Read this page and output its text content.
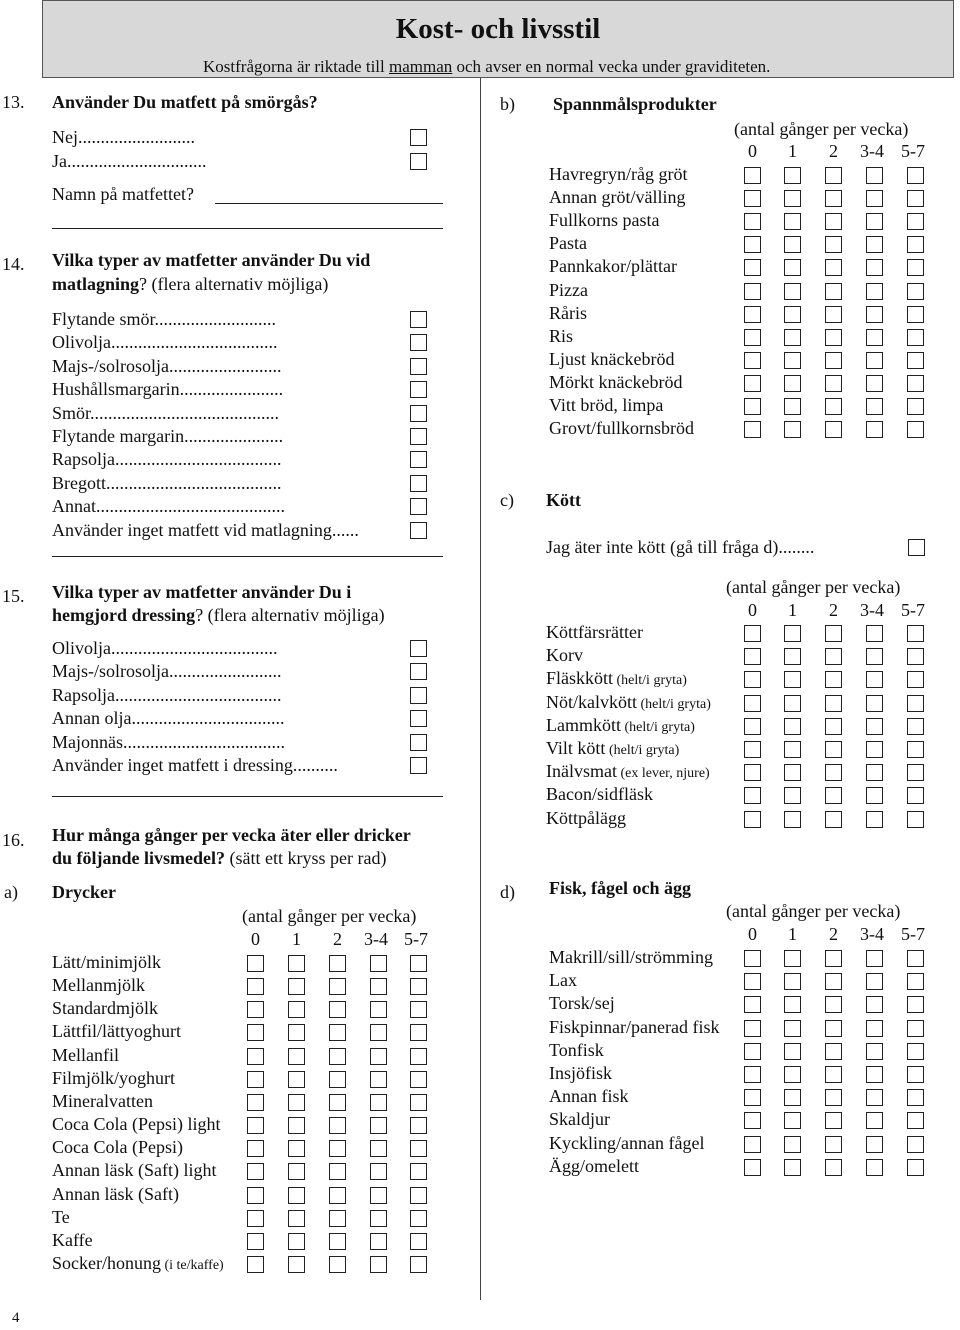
Kost- och livsstil
Kostfrågorna är riktade till mamman och avser en normal vecka under graviditeten.
13. Använder Du matfett på smörgås?
Nej..........................
Ja...............................
Namn på matfettet?
14. Vilka typer av matfetter använder Du vid
matlagning? (flera alternativ möjliga)
15. Vilka typer av matfetter använder Du i
hemgjord dressing? (flera alternativ möjliga)
16. Hur många gånger per vecka äter eller dricker
du följande livsmedel? (sätt ett kryss per rad)
a) Drycker
b) Spannmålsprodukter
c) Kött
Jag äter inte kött (gå till fråga d)........
d) Fisk, fågel och ägg
4
Flytande smör...........................
Olivolja.....................................
Majs-/solrosolja.........................
Hushållsmargarin.......................
Smör..........................................
Flytande margarin......................
Rapsolja.....................................
Bregott.......................................
Annat..........................................
Använder inget matfett vid matlagning......
Olivolja.....................................
Majs-/solrosolja.........................
Rapsolja.....................................
Annan olja..................................
Majonnäs....................................
Använder inget matfett i dressing..........
(antal gånger per vecka)
0 1 2 3-4 5-7
Lätt/minimjölk
Mellanmjölk
Standardmjölk
Lättfil/lättyoghurt
Mellanfil
Filmjölk/yoghurt
Mineralvatten
Coca Cola (Pepsi) light
Coca Cola (Pepsi)
Annan läsk (Saft) light
Annan läsk (Saft)
Te
Kaffe
Socker/honung (i te/kaffe)
(antal gånger per vecka)
0 1 2 3-4 5-7
Havregryn/råg gröt
Annan gröt/välling
Fullkorns pasta
Pasta
Pannkakor/plättar
Pizza
Råris
Ris
Ljust knäckebröd
Mörkt knäckebröd
Vitt bröd, limpa
Grovt/fullkornsbröd
(antal gånger per vecka)
0 1 2 3-4 5-7
Köttfärsrätter
Korv
Fläskkött (helt/i gryta)
Nöt/kalvkött (helt/i gryta)
Lammkött (helt/i gryta)
Vilt kött (helt/i gryta)
Inälvsmat (ex lever, njure)
Bacon/sidfläsk
Köttpålägg
(antal gånger per vecka)
0 1 2 3-4 5-7
Makrill/sill/strömming
Lax
Torsk/sej
Fiskpinnar/panerad fisk
Tonfisk
Insjöfisk
Annan fisk
Skaldjur
Kyckling/annan fågel
Ägg/omelett
